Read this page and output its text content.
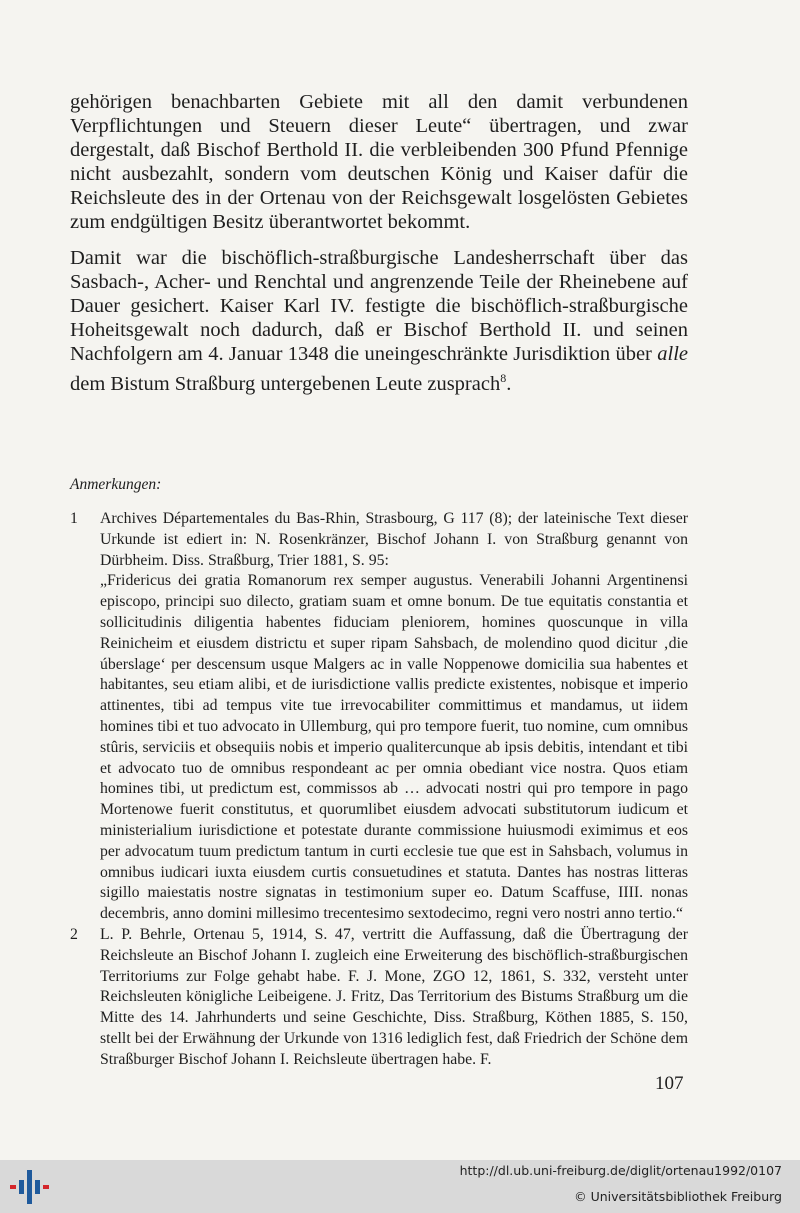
gehörigen benachbarten Gebiete mit all den damit verbundenen Verpflichtungen und Steuern dieser Leute“ übertragen, und zwar dergestalt, daß Bischof Berthold II. die verbleibenden 300 Pfund Pfennige nicht ausbezahlt, sondern vom deutschen König und Kaiser dafür die Reichsleute des in der Ortenau von der Reichsgewalt losgelösten Gebietes zum endgültigen Besitz überantwortet bekommt.

Damit war die bischöflich-straßburgische Landesherrschaft über das Sasbach-, Acher- und Renchtal und angrenzende Teile der Rheinebene auf Dauer gesichert. Kaiser Karl IV. festigte die bischöflich-straßburgische Hoheitsgewalt noch dadurch, daß er Bischof Berthold II. und seinen Nachfolgern am 4. Januar 1348 die uneingeschränkte Jurisdiktion über alle dem Bistum Straßburg untergebenen Leute zusprach$^8$.

Anmerkungen:

1 Archives Départementales du Bas-Rhin, Strasbourg, G 117 (8); der lateinische Text dieser Urkunde ist ediert in: N. Rosenkränzer, Bischof Johann I. von Straßburg genannt von Dürbheim. Diss. Straßburg, Trier 1881, S. 95:

„Fridericus dei gratia Romanorum rex semper augustus. Venerabili Johanni Argentinensi episcopo, principi suo dilecto, gratiam suam et omne bonum. De tue equitatis constantia et sollicitudinis diligentia habentes fiduciam pleniorem, homines quoscunque in villa Reinicheim et eiusdem districtu et super ripam Sahsbach, de molendino quod dicitur ‚die úberslage‘ per descensum usque Malgers ac in valle Noppenowe domicilia sua habentes et habitantes, seu etiam alibi, et de iurisdictione vallis predicte existentes, nobisque et imperio attinentes, tibi ad tempus vite tue irrevocabiliter committimus et mandamus, ut iidem homines tibi et tuo advocato in Ullemburg, qui pro tempore fuerit, tuo nomine, cum omnibus stûris, serviciis et obsequiis nobis et imperio qualitercunque ab ipsis debitis, intendant et tibi et advocato tuo de omnibus respondeant ac per omnia obediant vice nostra. Quos etiam homines tibi, ut predictum est, commissos ab … advocati nostri qui pro tempore in pago Mortenowe fuerit constitutus, et quorumlibet eiusdem advocati substitutorum iudicum et ministerialium iurisdictione et potestate durante commissione huiusmodi eximimus et eos per advocatum tuum predictum tantum in curti ecclesie tue que est in Sahsbach, volumus in omnibus iudicari iuxta eiusdem curtis consuetudines et statuta. Dantes has nostras litteras sigillo maiestatis nostre signatas in testimonium super eo. Datum Scaffuse, IIII. nonas decembris, anno domini millesimo trecentesimo sextodecimo, regni vero nostri anno tertio.“

2 L. P. Behrle, Ortenau 5, 1914, S. 47, vertritt die Auffassung, daß die Übertragung der Reichsleute an Bischof Johann I. zugleich eine Erweiterung des bischöflich-straßburgischen Territoriums zur Folge gehabt habe. F. J. Mone, ZGO 12, 1861, S. 332, versteht unter Reichsleuten königliche Leibeigene. J. Fritz, Das Territorium des Bistums Straßburg um die Mitte des 14. Jahrhunderts und seine Geschichte, Diss. Straßburg, Köthen 1885, S. 150, stellt bei der Erwähnung der Urkunde von 1316 lediglich fest, daß Friedrich der Schöne dem Straßburger Bischof Johann I. Reichsleute übertragen habe. F.

107

http://dl.ub.uni-freiburg.de/diglit/ortenau1992/0107
© Universitätsbibliothek Freiburg
